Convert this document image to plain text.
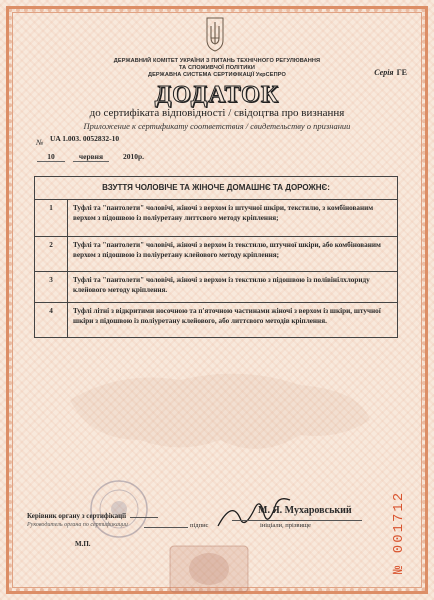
ДЕРЖАВНИЙ КОМІТЕТ УКРАЇНИ З ПИТАНЬ ТЕХНІЧНОГО РЕГУЛЮВАННЯ
ТА СПОЖИВЧОЇ ПОЛІТИКИ
ДЕРЖАВНА СИСТЕМА СЕРТИФІКАЦІЇ УкрСЕПРО	Серія ГЕ
ДОДАТОК
до сертифіката відповідності / свідоцтва про визнання
Приложение к сертификату соответствия / свидетельству о признании
№ UA 1.003. 0052832-10
10	червня	2010р.
ВЗУТТЯ ЧОЛОВІЧЕ ТА ЖІНОЧЕ ДОМАШНЄ ТА ДОРОЖНЄ:	
1	Туфлі та "пантолети" чоловічі, жіночі з верхом із штучної шкіри, текстилю, з комбінованим верхом з підошвою із поліуретану литтєвого методу кріплення;
2	Туфлі та "пантолети" чоловічі, жіночі з верхом із текстилю, штучної шкіри, або комбінованим верхом з підошвою із поліуретану клейового методу кріплення;
3	Туфлі та "пантолети" чоловічі, жіночі з верхом із текстилю з підошвою із полівінілхлориду клейового методу кріплення.
4	Туфлі літні з відкритими носочною та п'яточною частинами жіночі з верхом із шкіри, штучної шкіри з підошвою із поліуретану клейового, або литтєвого методів кріплення.
Керівник органу з сертифікації
Руководитель органа по сертификации
М. Я. Мухаровський
підпис	ініціали, прізвище
М.П.	№ 001712
